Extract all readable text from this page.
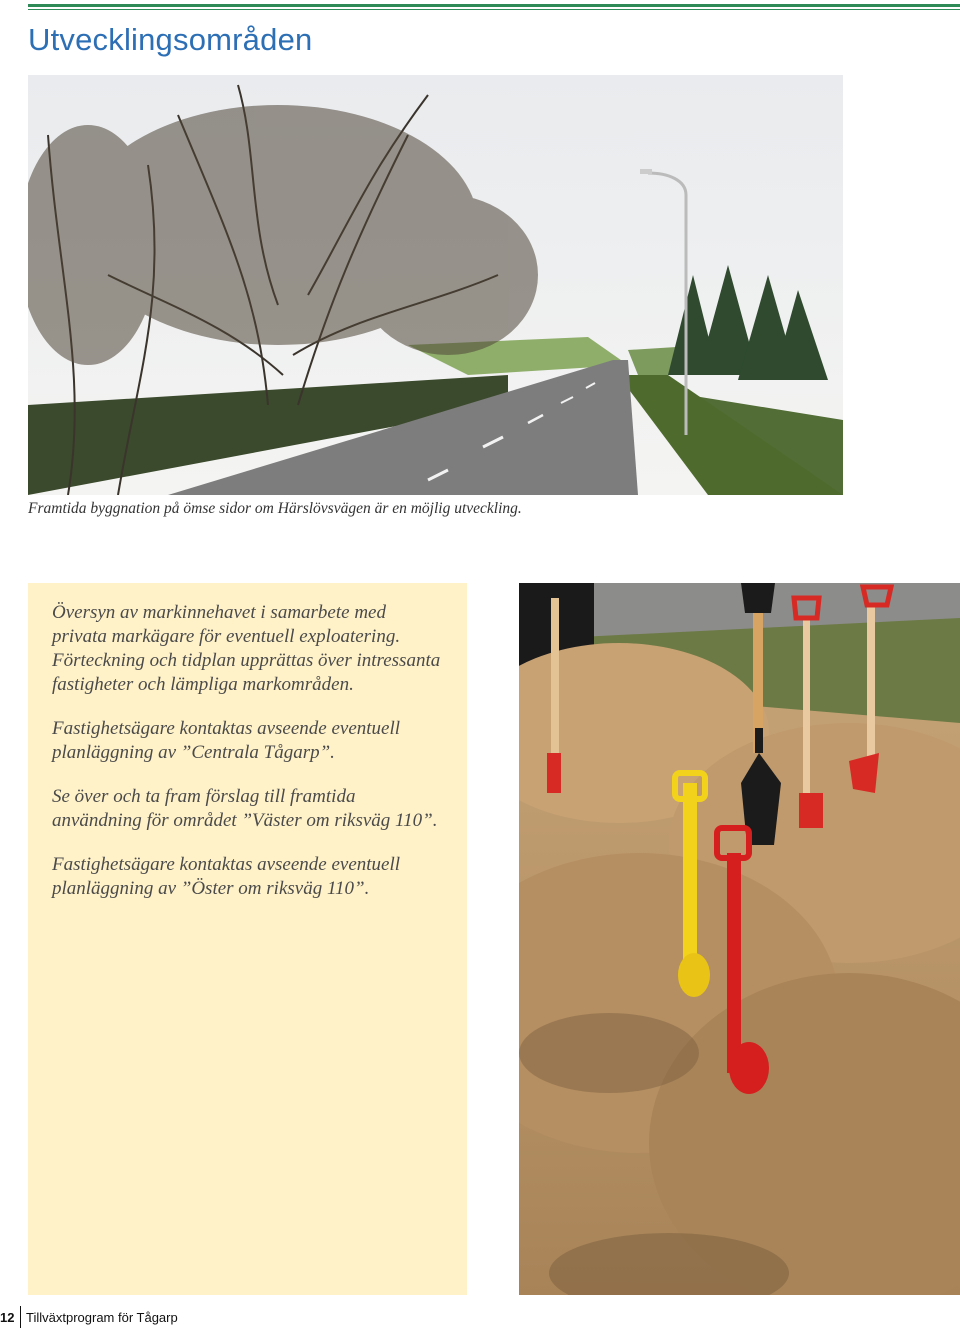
Utvecklingsområden

Framtida byggnation på ömse sidor om Härslövsvägen är en möjlig utveckling.

Översyn av markinnehavet i samarbete med privata markägare för eventuell exploatering. Förteckning och tidplan upprättas över intressanta fastigheter och lämpliga markområden.

Fastighetsägare kontaktas avseende eventuell planläggning av ”Centrala Tågarp”.

Se över och ta fram förslag till framtida användning för området ”Väster om riksväg 110”.

Fastighetsägare kontaktas avseende eventuell planläggning av ”Öster om riksväg 110”.

12 Tillväxtprogram för Tågarp
